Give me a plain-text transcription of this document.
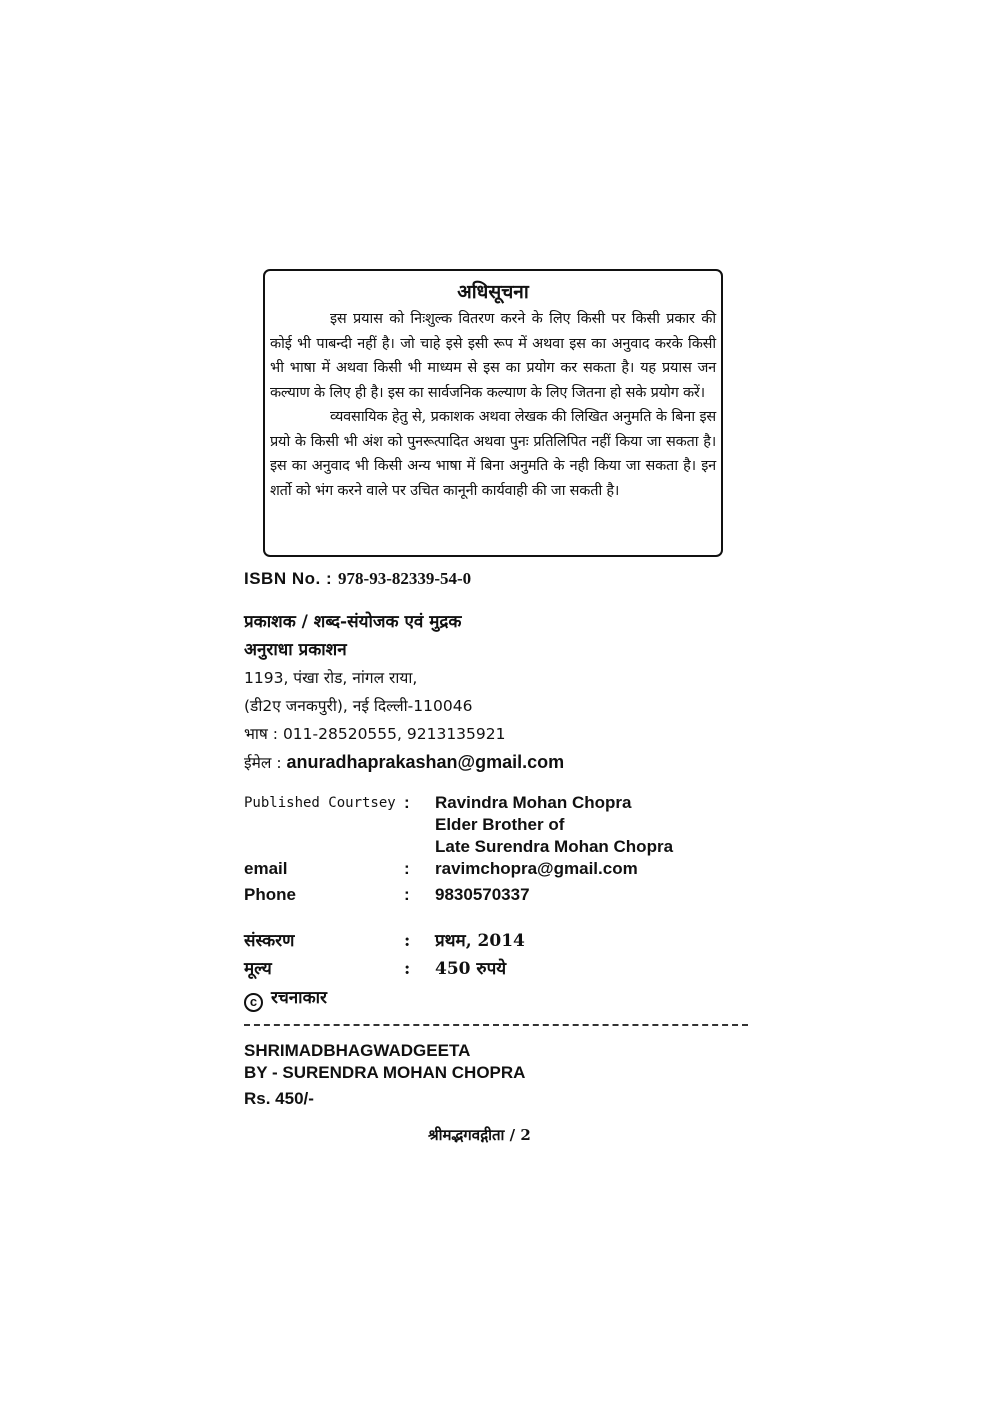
अधिसूचना

इस प्रयास को निःशुल्क वितरण करने के लिए किसी पर किसी प्रकार की कोई भी पाबन्दी नहीं है। जो चाहे इसे इसी रूप में अथवा इस का अनुवाद करके किसी भी भाषा में अथवा किसी भी माध्यम से इस का प्रयोग कर सकता है। यह प्रयास जन कल्याण के लिए ही है। इस का सार्वजनिक कल्याण के लिए जितना हो सके प्रयोग करें।

व्यवसायिक हेतु से, प्रकाशक अथवा लेखक की लिखित अनुमति के बिना इस प्रयो के किसी भी अंश को पुनरूत्पादित अथवा पुनः प्रतिलिपित नहीं किया जा सकता है। इस का अनुवाद भी किसी अन्य भाषा में बिना अनुमति के नही किया जा सकता है। इन शर्तो को भंग करने वाले पर उचित कानूनी कार्यवाही की जा सकती है।

ISBN No. : 978-93-82339-54-0
प्रकाशक / शब्द-संयोजक एवं मुद्रक
अनुराधा प्रकाशन
1193, पंखा रोड, नांगल राया,
(डी2ए जनकपुरी), नई दिल्ली-110046
भाष : 011-28520555, 9213135921
ईमेल : anuradhaprakashan@gmail.com
Published Courtsey	:	Ravindra Mohan Chopra
		Elder Brother of
		Late Surendra Mohan Chopra
email	:	ravimchopra@gmail.com
Phone	:	9830570337
संस्करण	:	प्रथम, 2014
मूल्य	:	450 रुपये
c रचनाकार
SHRIMADBHAGWADGEETA
BY - SURENDRA MOHAN CHOPRA
Rs. 450/-
श्रीमद्भगवद्गीता / 2
